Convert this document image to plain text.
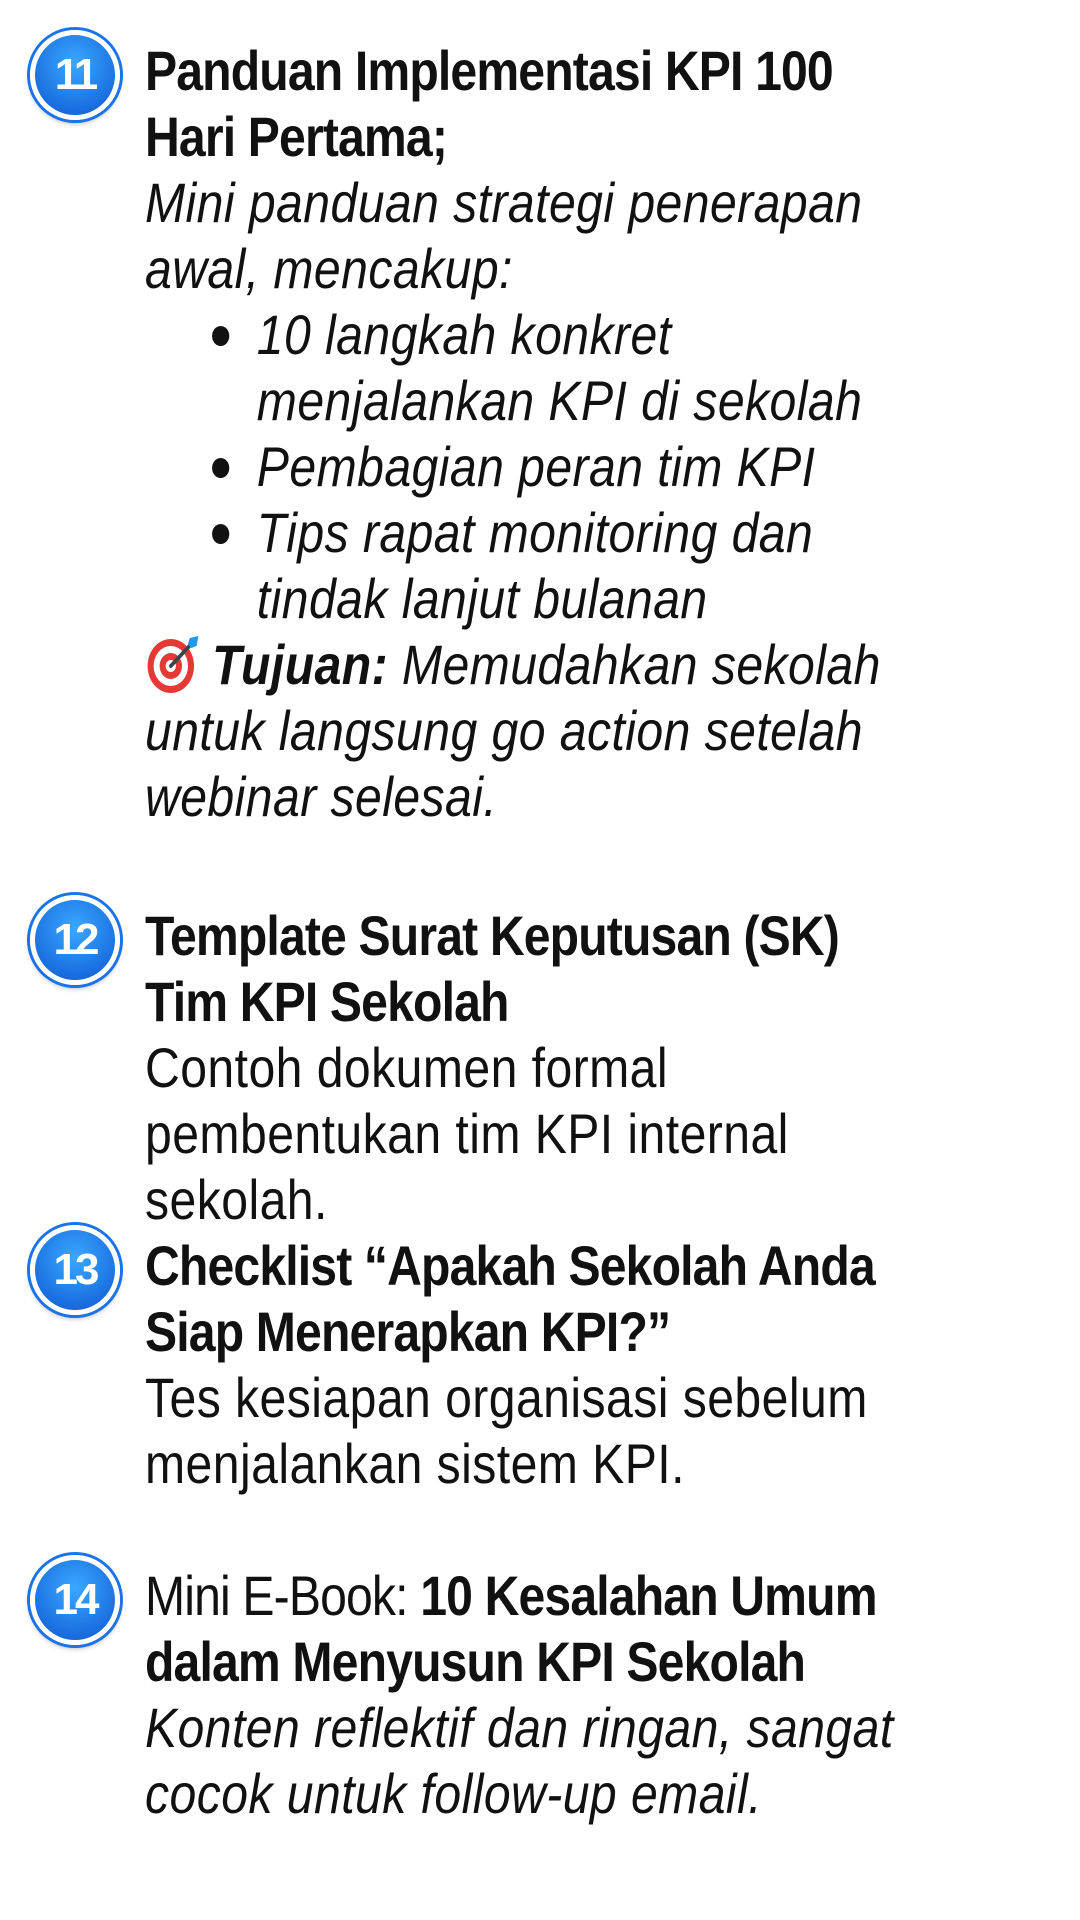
11 Panduan Implementasi KPI 100 Hari Pertama;
Mini panduan strategi penerapan awal, mencakup:
10 langkah konkret menjalankan KPI di sekolah
Pembagian peran tim KPI
Tips rapat monitoring dan tindak lanjut bulanan
Tujuan: Memudahkan sekolah untuk langsung go action setelah webinar selesai.
12 Template Surat Keputusan (SK) Tim KPI Sekolah
Contoh dokumen formal pembentukan tim KPI internal sekolah.
13 Checklist “Apakah Sekolah Anda Siap Menerapkan KPI?”
Tes kesiapan organisasi sebelum menjalankan sistem KPI.
14 Mini E-Book: 10 Kesalahan Umum dalam Menyusun KPI Sekolah
Konten reflektif dan ringan, sangat cocok untuk follow-up email.
